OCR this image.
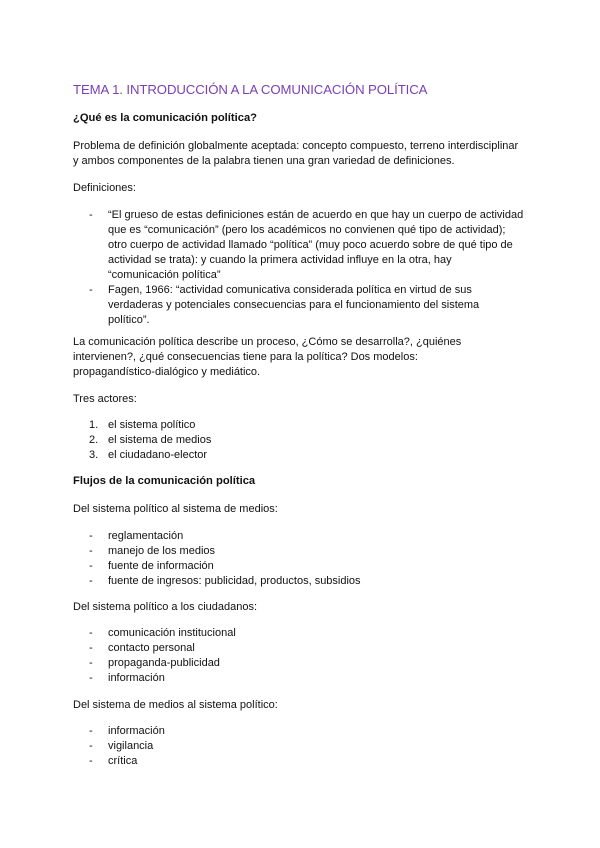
TEMA 1. INTRODUCCIÓN A LA COMUNICACIÓN POLÍTICA
¿Qué es la comunicación política?
Problema de definición globalmente aceptada: concepto compuesto, terreno interdisciplinar
y ambos componentes de la palabra tienen una gran variedad de definiciones.
Definiciones:
- “El grueso de estas definiciones están de acuerdo en que hay un cuerpo de actividad
que es “comunicación” (pero los académicos no convienen qué tipo de actividad);
otro cuerpo de actividad llamado “política” (muy poco acuerdo sobre de qué tipo de
actividad se trata): y cuando la primera actividad influye en la otra, hay
“comunicación política”
- Fagen, 1966: “actividad comunicativa considerada política en virtud de sus
verdaderas y potenciales consecuencias para el funcionamiento del sistema
político”.
La comunicación política describe un proceso, ¿Cómo se desarrolla?, ¿quiénes
intervienen?, ¿qué consecuencias tiene para la política? Dos modelos:
propagandístico-dialógico y mediático.
Tres actores:
1. el sistema político
2. el sistema de medios
3. el ciudadano-elector
Flujos de la comunicación política
Del sistema político al sistema de medios:
- reglamentación
- manejo de los medios
- fuente de información
- fuente de ingresos: publicidad, productos, subsidios
Del sistema político a los ciudadanos:
- comunicación institucional
- contacto personal
- propaganda-publicidad
- información
Del sistema de medios al sistema político:
- información
- vigilancia
- crítica
